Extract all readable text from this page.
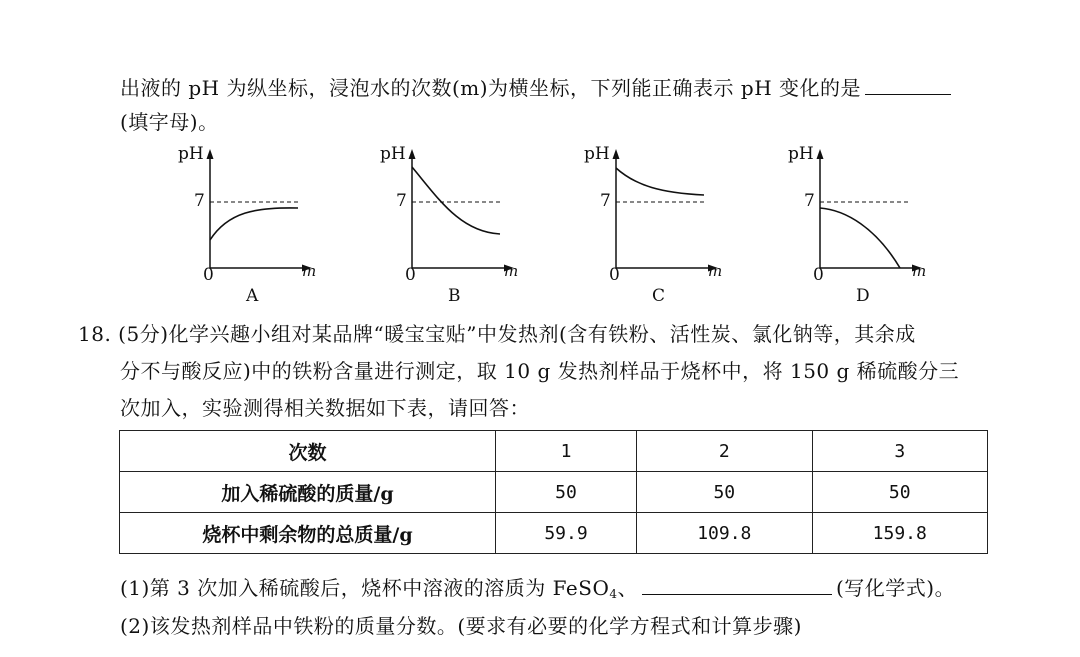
出液的 pH 为纵坐标，浸泡水的次数(m)为横坐标，下列能正确表示 pH 变化的是
(填字母)。
pH
7
0	m
A
pH
7
0	m
B
pH
7
0	m
C
pH
7
0	m
D
18. (5分)化学兴趣小组对某品牌“暖宝宝贴”中发热剂(含有铁粉、活性炭、氯化钠等，其余成
分不与酸反应)中的铁粉含量进行测定，取 10 g 发热剂样品于烧杯中，将 150 g 稀硫酸分三
次加入，实验测得相关数据如下表，请回答：
次数	1	2	3
加入稀硫酸的质量/g	50	50	50
烧杯中剩余物的总质量/g	59.9	109.8	159.8
(1)第 3 次加入稀硫酸后，烧杯中溶液的溶质为 FeSO$_4$、	(写化学式)。
(2)该发热剂样品中铁粉的质量分数。(要求有必要的化学方程式和计算步骤)
